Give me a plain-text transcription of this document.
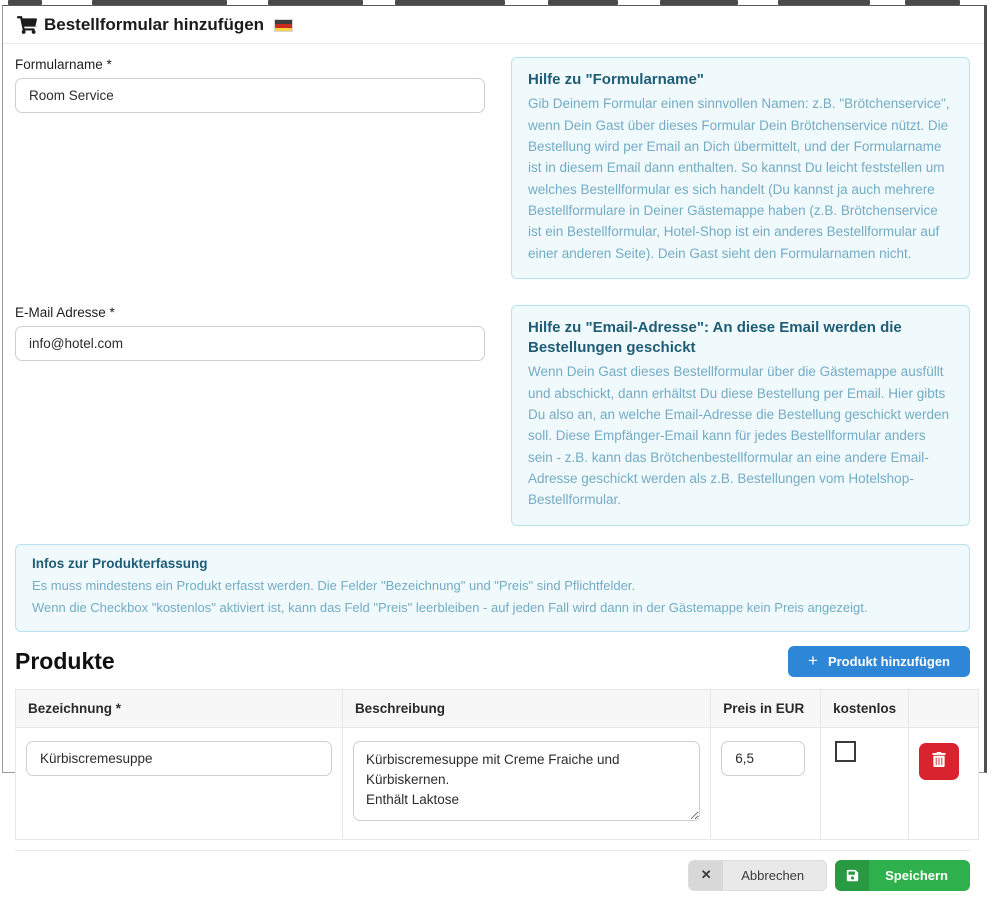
Bestellformular hinzufügen
Formularname *
Room Service
Hilfe zu "Formularname"
Gib Deinem Formular einen sinnvollen Namen: z.B. "Brötchenservice", wenn Dein Gast über dieses Formular Dein Brötchenservice nützt. Die Bestellung wird per Email an Dich übermittelt, und der Formularname ist in diesem Email dann enthalten. So kannst Du leicht feststellen um welches Bestellformular es sich handelt (Du kannst ja auch mehrere Bestellformulare in Deiner Gästemappe haben (z.B. Brötchenservice ist ein Bestellformular, Hotel-Shop ist ein anderes Bestellformular auf einer anderen Seite). Dein Gast sieht den Formularnamen nicht.
E-Mail Adresse *
info@hotel.com
Hilfe zu "Email-Adresse": An diese Email werden die Bestellungen geschickt
Wenn Dein Gast dieses Bestellformular über die Gästemappe ausfüllt und abschickt, dann erhältst Du diese Bestellung per Email. Hier gibts Du also an, an welche Email-Adresse die Bestellung geschickt werden soll. Diese Empfänger-Email kann für jedes Bestellformular anders sein - z.B. kann das Brötchenbestellformular an eine andere Email-Adresse geschickt werden als z.B. Bestellungen vom Hotelshop-Bestellformular.
Infos zur Produkterfassung
Es muss mindestens ein Produkt erfasst werden. Die Felder "Bezeichnung" und "Preis" sind Pflichtfelder.
Wenn die Checkbox "kostenlos" aktiviert ist, kann das Feld "Preis" leerbleiben - auf jeden Fall wird dann in der Gästemappe kein Preis angezeigt.
Produkte	+ Produkt hinzufügen
Bezeichnung *	Beschreibung	Preis in EUR	kostenlos	
Kürbiscremesuppe	Kürbiscremesuppe mit Creme Fraiche und Kürbiskernen. Enthält Laktose	6,5	

✕	Abbrechen	Speichern
